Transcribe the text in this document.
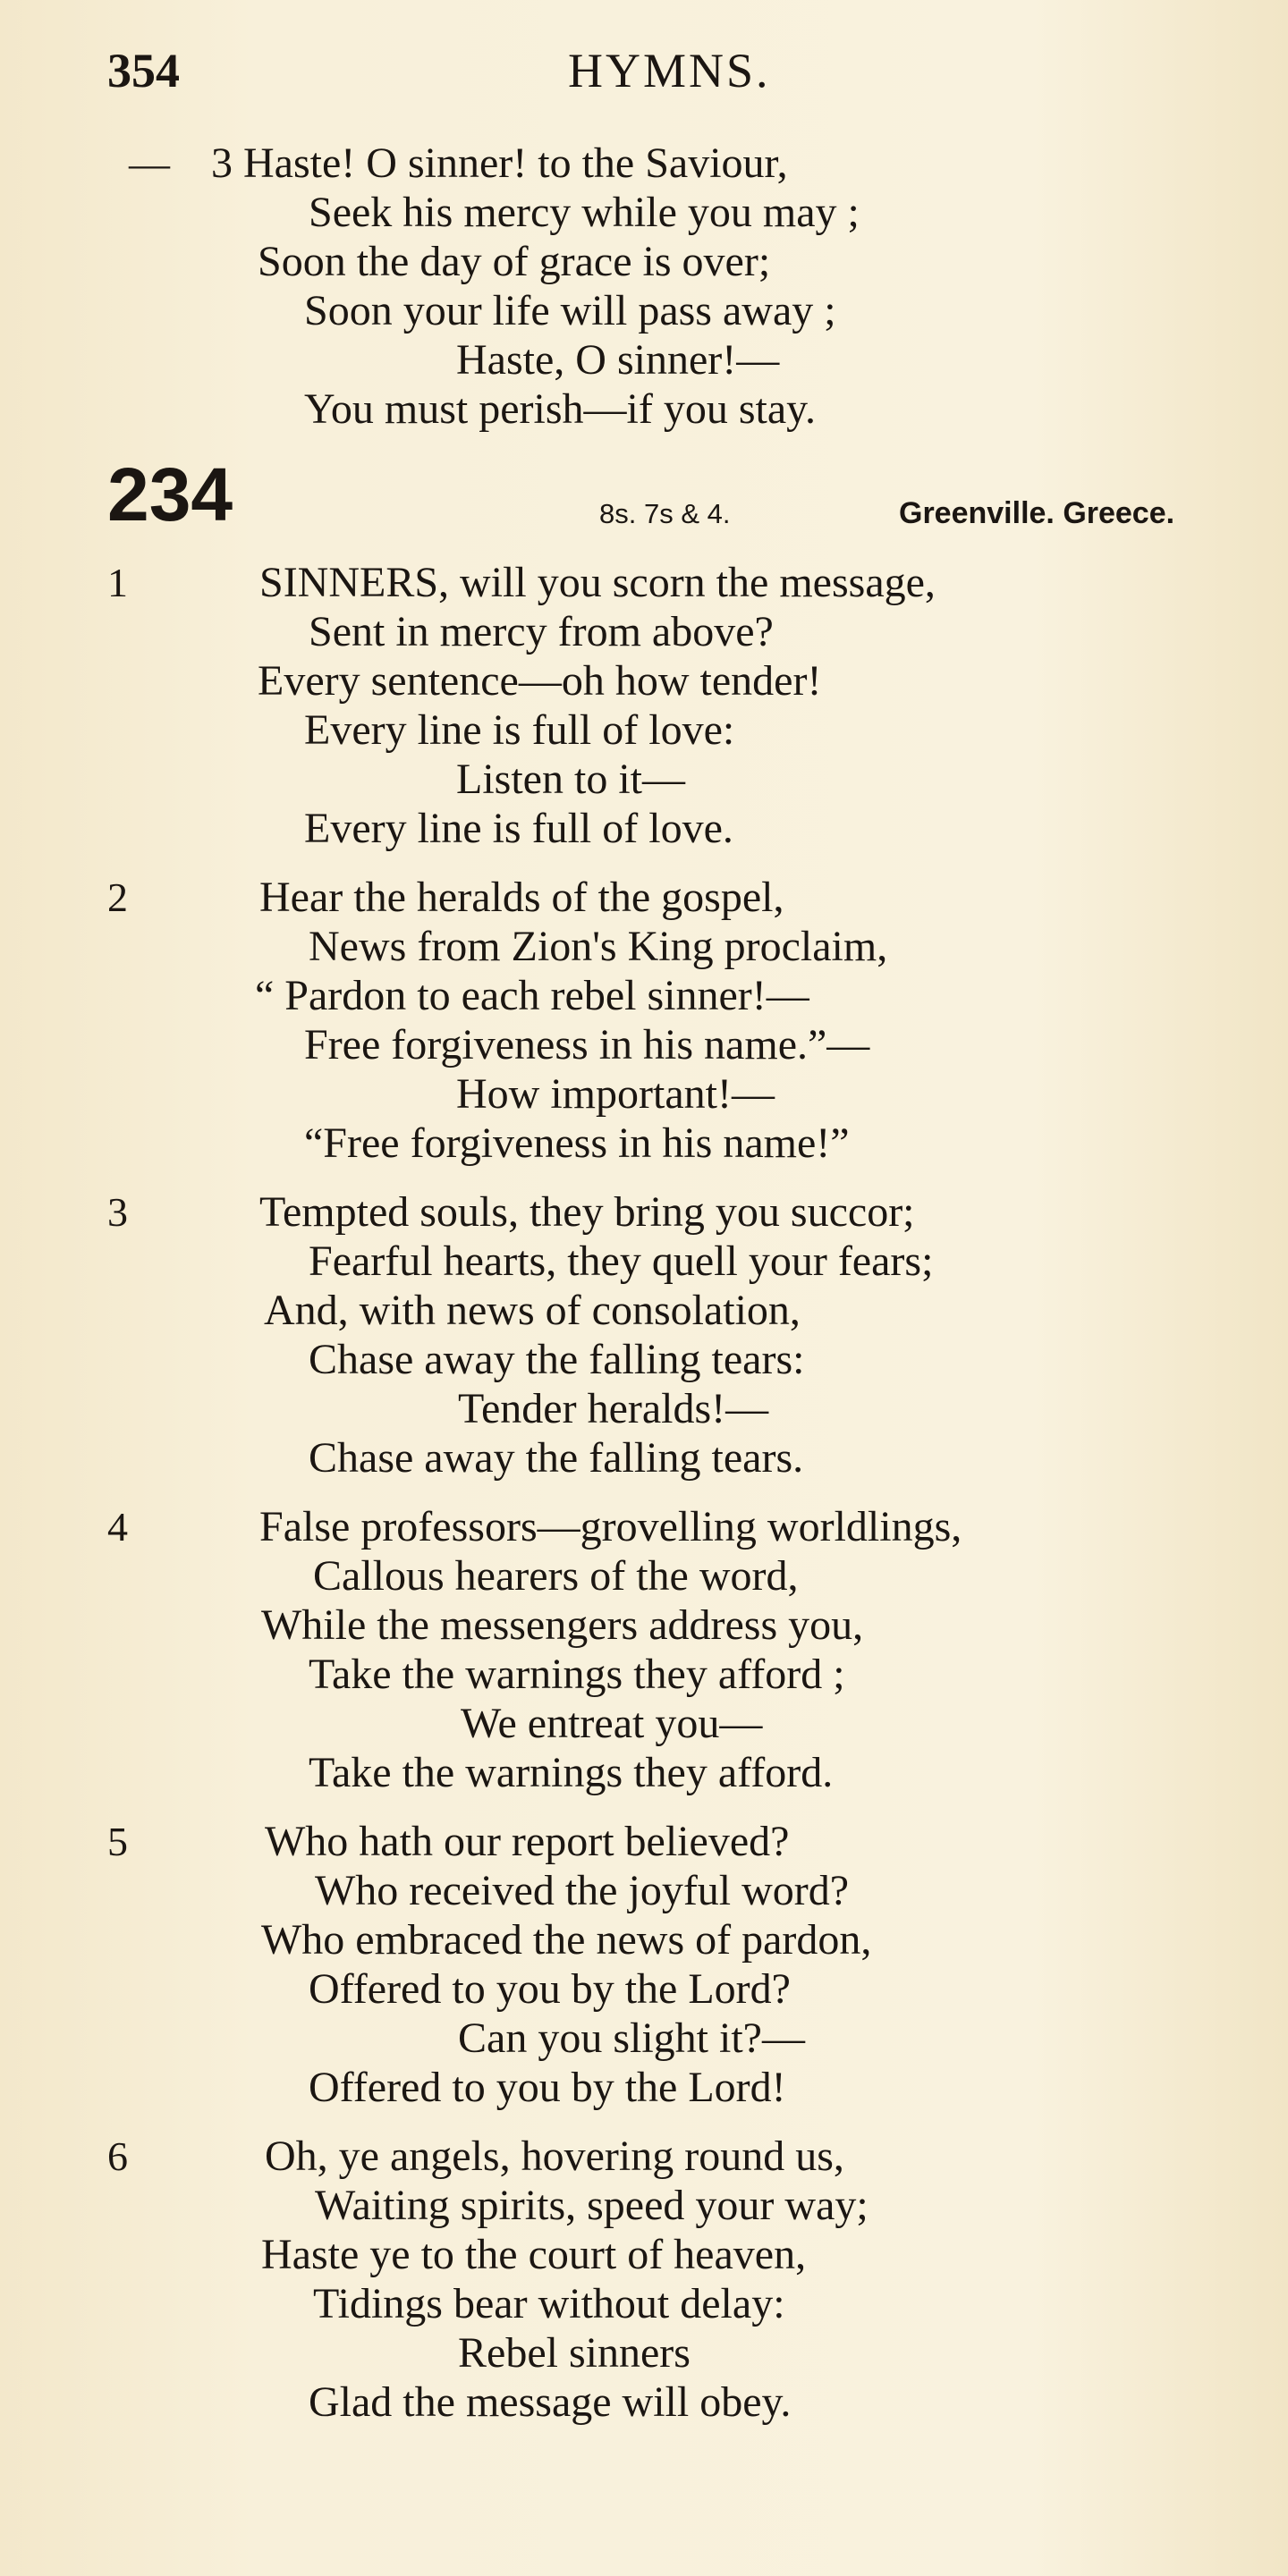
354	HYMNS.
— 3 Haste! O sinner! to the Saviour,
Seek his mercy while you may ;
Soon the day of grace is over;
Soon your life will pass away ;
Haste, O sinner!—
You must perish—if you stay.
234	8s. 7s & 4.	Greenville. Greece.
1	SINNERS, will you scorn the message,
Sent in mercy from above?
Every sentence—oh how tender!
Every line is full of love:
Listen to it—
Every line is full of love.
2	Hear the heralds of the gospel,
News from Zion's King proclaim,
“ Pardon to each rebel sinner!—
Free forgiveness in his name.”—
How important!—
“Free forgiveness in his name!”
3	Tempted souls, they bring you succor;
Fearful hearts, they quell your fears;
And, with news of consolation,
Chase away the falling tears:
Tender heralds!—
Chase away the falling tears.
4	False professors—grovelling worldlings,
Callous hearers of the word,
While the messengers address you,
Take the warnings they afford ;
We entreat you—
Take the warnings they afford.
5	Who hath our report believed?
Who received the joyful word?
Who embraced the news of pardon,
Offered to you by the Lord?
Can you slight it?—
Offered to you by the Lord!
6	Oh, ye angels, hovering round us,
Waiting spirits, speed your way;
Haste ye to the court of heaven,
Tidings bear without delay:
Rebel sinners
Glad the message will obey.
